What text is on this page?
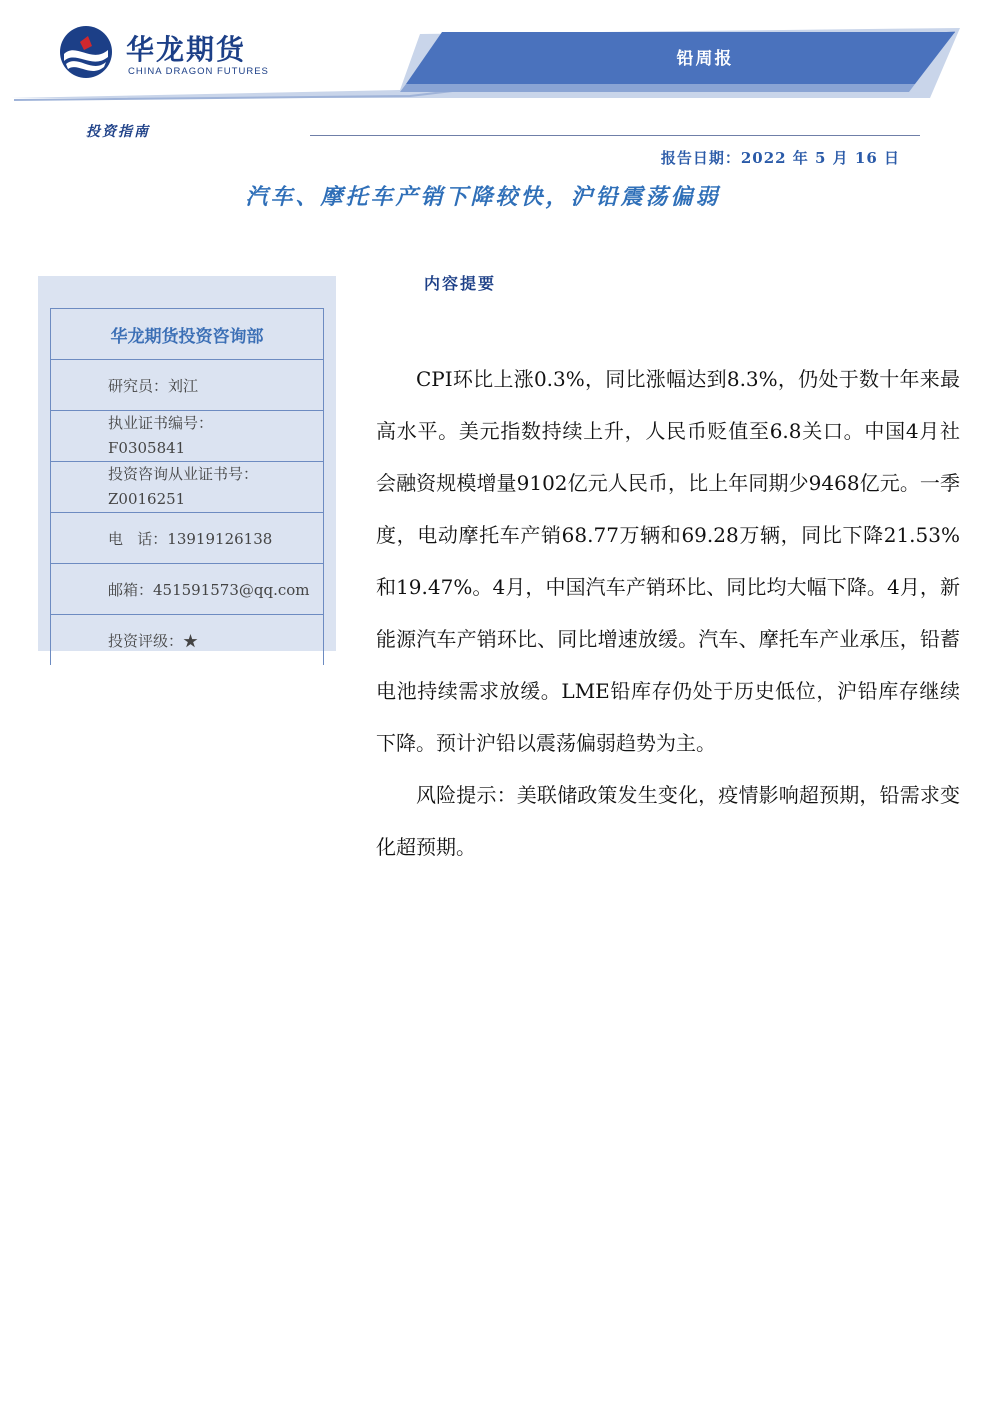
华龙期货
CHINA DRAGON FUTURES
铅周报
投资指南
报告日期：2022 年 5 月 16 日
汽车、摩托车产销下降较快，沪铅震荡偏弱
华龙期货投资咨询部
研究员：刘江

执业证书编号：
F0305841

投资咨询从业证书号：
Z0016251

电   话：13919126138
邮箱：451591573@qq.com
投资评级：★
内容提要

CPI环比上涨0.3%，同比涨幅达到8.3%，仍处于数十年来最高水平。美元指数持续上升，人民币贬值至6.8关口。中国4月社会融资规模增量9102亿元人民币，比上年同期少9468亿元。一季度，电动摩托车产销68.77万辆和69.28万辆，同比下降21.53%和19.47%。4月，中国汽车产销环比、同比均大幅下降。4月，新能源汽车产销环比、同比增速放缓。汽车、摩托车产业承压，铅蓄电池持续需求放缓。LME铅库存仍处于历史低位，沪铅库存继续下降。预计沪铅以震荡偏弱趋势为主。

风险提示：美联储政策发生变化，疫情影响超预期，铅需求变化超预期。
